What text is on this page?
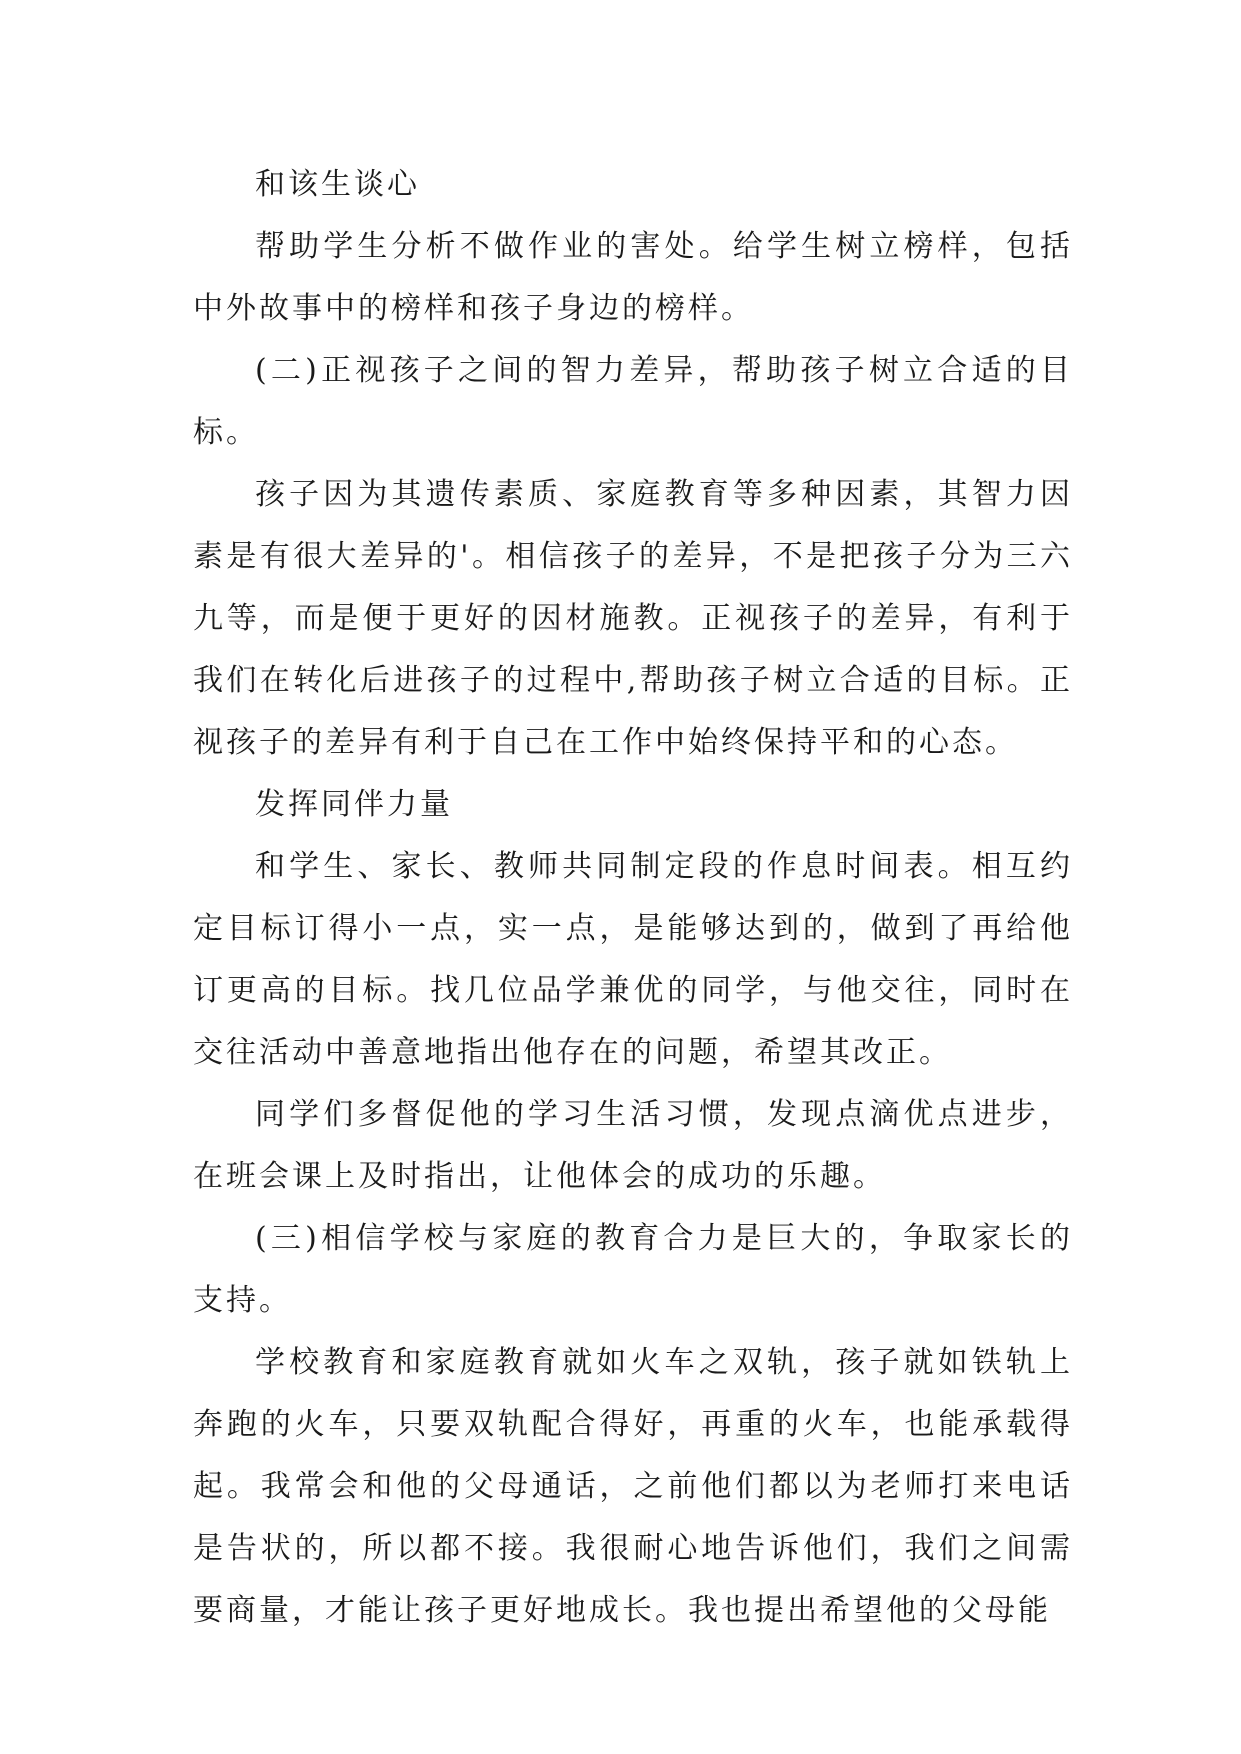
和该生谈心

帮助学生分析不做作业的害处。给学生树立榜样，包括中外故事中的榜样和孩子身边的榜样。

(二)正视孩子之间的智力差异，帮助孩子树立合适的目标。

孩子因为其遗传素质、家庭教育等多种因素，其智力因素是有很大差异的'。相信孩子的差异，不是把孩子分为三六九等，而是便于更好的因材施教。正视孩子的差异，有利于我们在转化后进孩子的过程中,帮助孩子树立合适的目标。正视孩子的差异有利于自己在工作中始终保持平和的心态。

发挥同伴力量

和学生、家长、教师共同制定段的作息时间表。相互约定目标订得小一点，实一点，是能够达到的，做到了再给他订更高的目标。找几位品学兼优的同学，与他交往，同时在交往活动中善意地指出他存在的问题，希望其改正。

同学们多督促他的学习生活习惯，发现点滴优点进步，在班会课上及时指出，让他体会的成功的乐趣。

(三)相信学校与家庭的教育合力是巨大的，争取家长的支持。

学校教育和家庭教育就如火车之双轨，孩子就如铁轨上奔跑的火车，只要双轨配合得好，再重的火车，也能承载得起。我常会和他的父母通话，之前他们都以为老师打来电话是告状的，所以都不接。我很耐心地告诉他们，我们之间需要商量，才能让孩子更好地成长。我也提出希望他的父母能
